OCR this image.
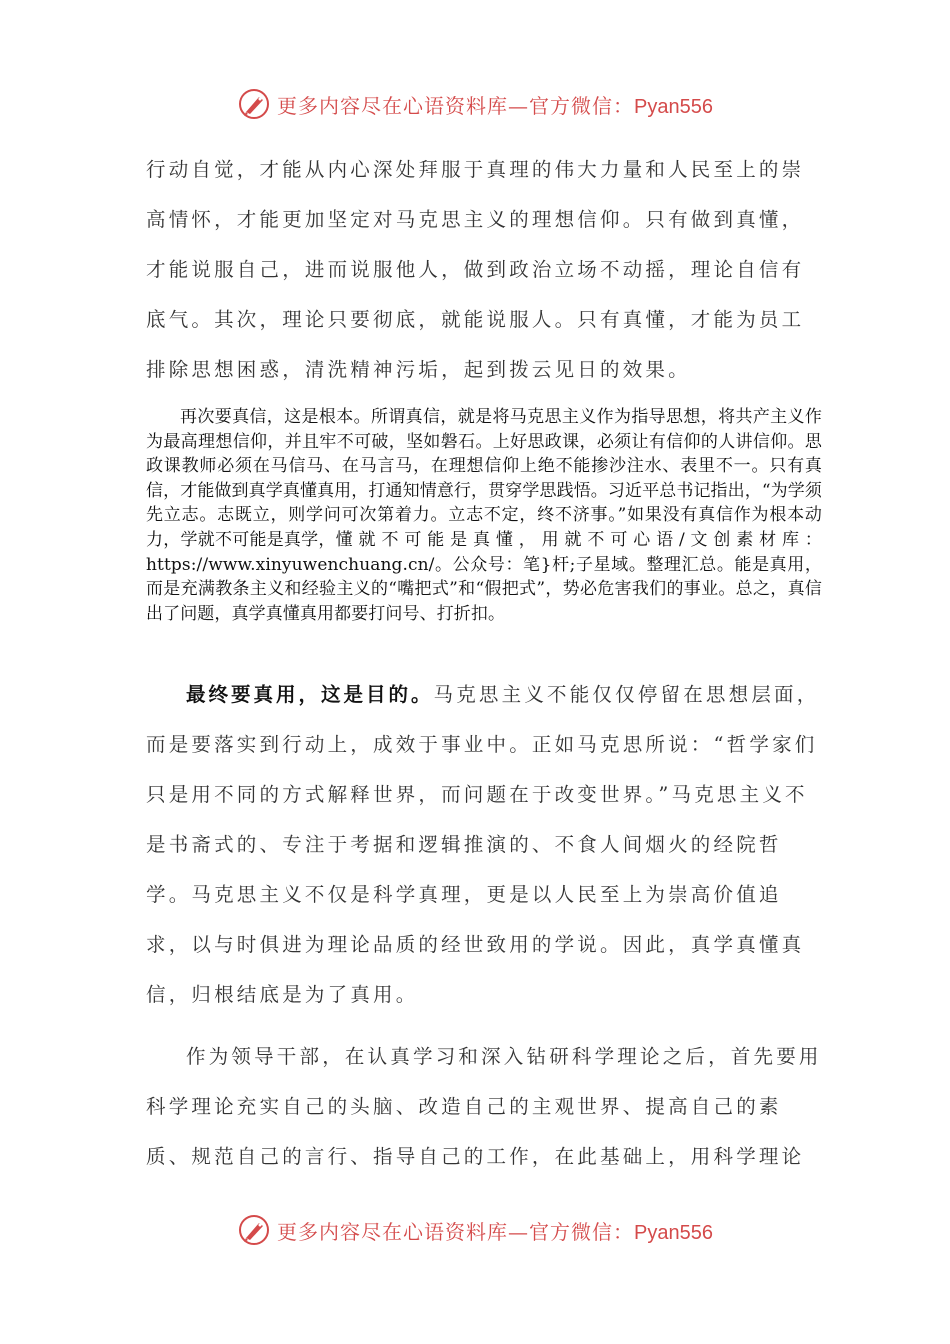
更多内容尽在心语资料库—官方微信：Pyan556

行动自觉，才能从内心深处拜服于真理的伟大力量和人民至上的崇高情怀，才能更加坚定对马克思主义的理想信仰。只有做到真懂，才能说服自己，进而说服他人，做到政治立场不动摇，理论自信有底气。其次，理论只要彻底，就能说服人。只有真懂，才能为员工排除思想困惑，清洗精神污垢，起到拨云见日的效果。

再次要真信，这是根本。所谓真信，就是将马克思主义作为指导思想，将共产主义作为最高理想信仰，并且牢不可破，坚如磐石。上好思政课，必须让有信仰的人讲信仰。思政课教师必须在马信马、在马言马，在理想信仰上绝不能掺沙注水、表里不一。只有真信，才能做到真学真懂真用，打通知情意行，贯穿学思践悟。习近平总书记指出，“为学须先立志。志既立，则学问可次第着力。立志不定，终不济事。”如果没有真信作为根本动力，学就不可能是真学，懂 就 不 可 能 是 真 懂 ， 用 就 不 可 心 语 / 文 创 素 材 库 ： https://www.xinyuwenchuang.cn/。公众号：笔}杆;子星域。整理汇总。能是真用，而是充满教条主义和经验主义的“嘴把式”和“假把式”，势必危害我们的事业。总之，真信出了问题，真学真懂真用都要打问号、打折扣。

最终要真用，这是目的。马克思主义不能仅仅停留在思想层面，而是要落实到行动上，成效于事业中。正如马克思所说：“哲学家们只是用不同的方式解释世界，而问题在于改变世界。”马克思主义不是书斋式的、专注于考据和逻辑推演的、不食人间烟火的经院哲学。马克思主义不仅是科学真理，更是以人民至上为崇高价值追求，以与时俱进为理论品质的经世致用的学说。因此，真学真懂真信，归根结底是为了真用。

作为领导干部，在认真学习和深入钻研科学理论之后，首先要用科学理论充实自己的头脑、改造自己的主观世界、提高自己的素质、规范自己的言行、指导自己的工作，在此基础上，用科学理论

更多内容尽在心语资料库—官方微信：Pyan556
